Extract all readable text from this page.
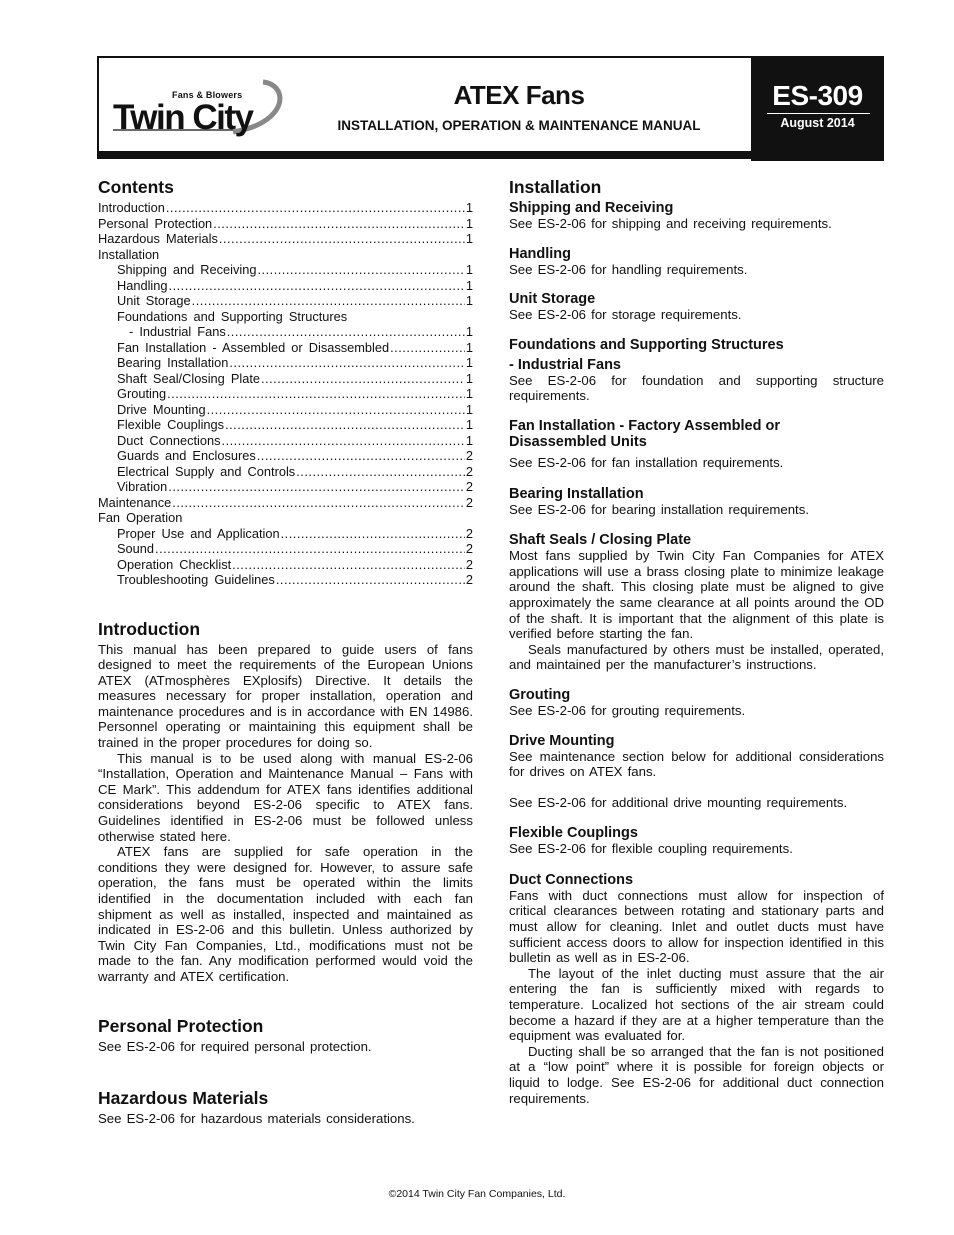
Fans & Blowers
Twin City
ATEX Fans
INSTALLATION, OPERATION & MAINTENANCE MANUAL
ES-309
August 2014
Contents
Introduction .....	1
Personal Protection .....	1
Hazardous Materials .....	1
Installation
Shipping and Receiving .....	1
Handling .....	1
Unit Storage .....	1
Foundations and Supporting Structures
- Industrial Fans .....	1
Fan Installation - Assembled or Disassembled .....	1
Bearing Installation .....	1
Shaft Seal/Closing Plate .....	1
Grouting .....	1
Drive Mounting .....	1
Flexible Couplings .....	1
Duct Connections .....	1
Guards and Enclosures .....	2
Electrical Supply and Controls .....	2
Vibration .....	2
Maintenance .....	2
Fan Operation
Proper Use and Application .....	2
Sound .....	2
Operation Checklist .....	2
Troubleshooting Guidelines .....	2
Introduction

This manual has been prepared to guide users of fans designed to meet the requirements of the European Unions ATEX (ATmosphères EXplosifs) Directive. It details the measures necessary for proper installation, operation and maintenance procedures and is in accordance with EN 14986. Personnel operating or maintaining this equipment shall be trained in the proper procedures for doing so.

This manual is to be used along with manual ES-2-06 “Installation, Operation and Maintenance Manual – Fans with CE Mark”. This addendum for ATEX fans identifies additional considerations beyond ES-2-06 specific to ATEX fans. Guidelines identified in ES-2-06 must be followed unless otherwise stated here.

ATEX fans are supplied for safe operation in the conditions they were designed for. However, to assure safe operation, the fans must be operated within the limits identified in the documentation included with each fan shipment as well as installed, inspected and maintained as indicated in ES-2-06 and this bulletin. Unless authorized by Twin City Fan Companies, Ltd., modifications must not be made to the fan. Any modification performed would void the warranty and ATEX certification.

Personal Protection

See ES-2-06 for required personal protection.

Hazardous Materials

See ES-2-06 for hazardous materials considerations.

Installation
Shipping and Receiving

See ES-2-06 for shipping and receiving requirements.

Handling

See ES-2-06 for handling requirements.

Unit Storage

See ES-2-06 for storage requirements.

Foundations and Supporting Structures
- Industrial Fans

See ES-2-06 for foundation and supporting structure requirements.

Fan Installation - Factory Assembled or
Disassembled Units

See ES-2-06 for fan installation requirements.

Bearing Installation

See ES-2-06 for bearing installation requirements.

Shaft Seals / Closing Plate

Most fans supplied by Twin City Fan Companies for ATEX applications will use a brass closing plate to minimize leakage around the shaft. This closing plate must be aligned to give approximately the same clearance at all points around the OD of the shaft. It is important that the alignment of this plate is verified before starting the fan.

Seals manufactured by others must be installed, operated, and maintained per the manufacturer’s instructions.

Grouting

See ES-2-06 for grouting requirements.

Drive Mounting

See maintenance section below for additional considerations for drives on ATEX fans.

See ES-2-06 for additional drive mounting requirements.

Flexible Couplings

See ES-2-06 for flexible coupling requirements.

Duct Connections

Fans with duct connections must allow for inspection of critical clearances between rotating and stationary parts and must allow for cleaning. Inlet and outlet ducts must have sufficient access doors to allow for inspection identified in this bulletin as well as in ES-2-06.

The layout of the inlet ducting must assure that the air entering the fan is sufficiently mixed with regards to temperature. Localized hot sections of the air stream could become a hazard if they are at a higher temperature than the equipment was evaluated for.

Ducting shall be so arranged that the fan is not positioned at a “low point” where it is possible for foreign objects or liquid to lodge. See ES-2-06 for additional duct connection requirements.

©2014 Twin City Fan Companies, Ltd.
